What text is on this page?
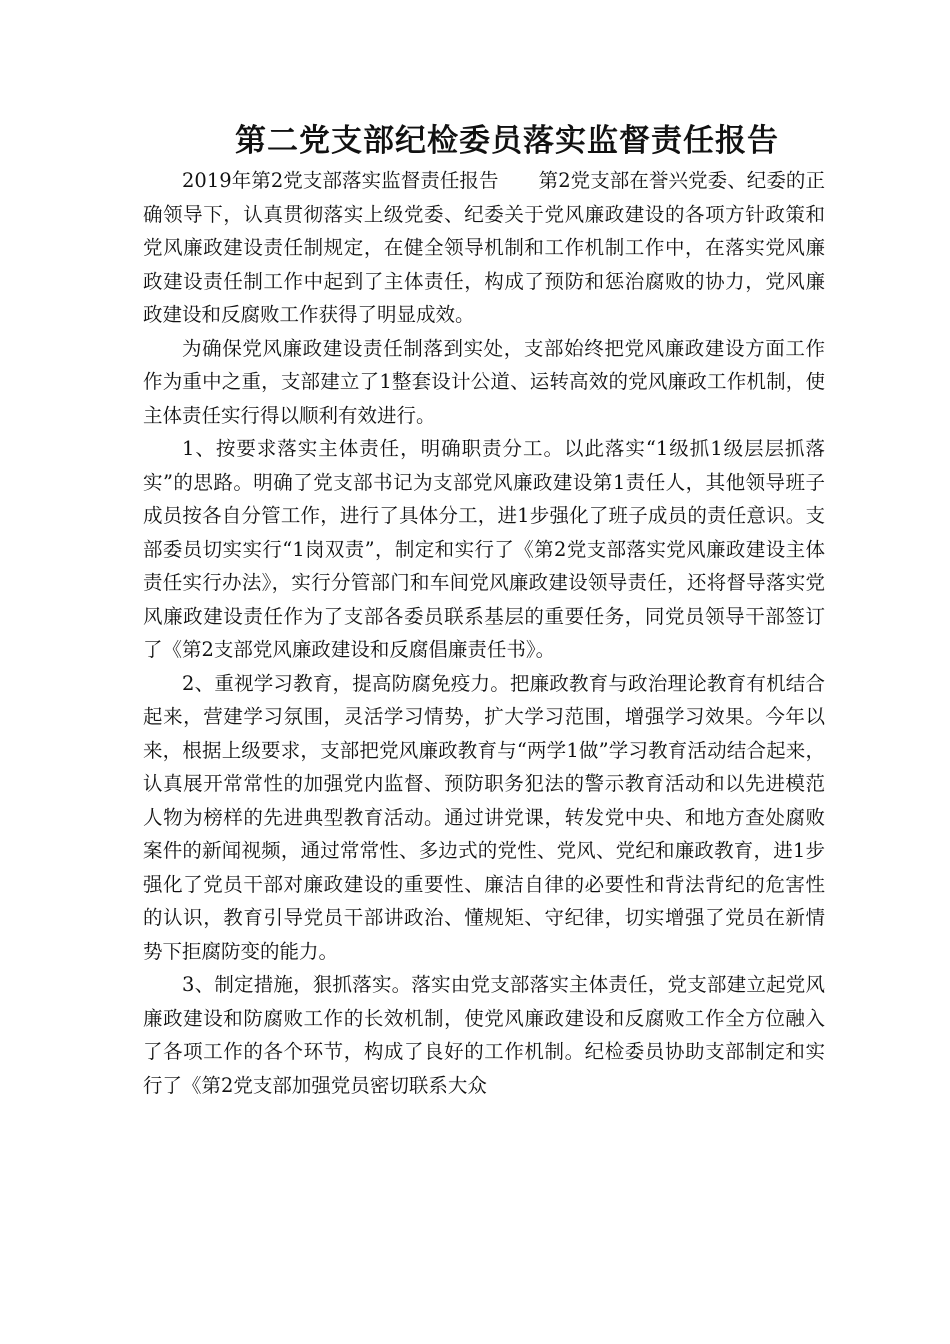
第二党支部纪检委员落实监督责任报告

2019年第2党支部落实监督责任报告 第2党支部在誉兴党委、纪委的正确领导下，认真贯彻落实上级党委、纪委关于党风廉政建设的各项方针政策和党风廉政建设责任制规定，在健全领导机制和工作机制工作中，在落实党风廉政建设责任制工作中起到了主体责任，构成了预防和惩治腐败的协力，党风廉政建设和反腐败工作获得了明显成效。

为确保党风廉政建设责任制落到实处，支部始终把党风廉政建设方面工作作为重中之重，支部建立了1整套设计公道、运转高效的党风廉政工作机制，使主体责任实行得以顺利有效进行。

1、按要求落实主体责任，明确职责分工。以此落实“1级抓1级层层抓落实”的思路。明确了党支部书记为支部党风廉政建设第1责任人，其他领导班子成员按各自分管工作，进行了具体分工，进1步强化了班子成员的责任意识。支部委员切实实行“1岗双责”，制定和实行了《第2党支部落实党风廉政建设主体责任实行办法》，实行分管部门和车间党风廉政建设领导责任，还将督导落实党风廉政建设责任作为了支部各委员联系基层的重要任务，同党员领导干部签订了《第2支部党风廉政建设和反腐倡廉责任书》。

2、重视学习教育，提高防腐免疫力。把廉政教育与政治理论教育有机结合起来，营建学习氛围，灵活学习情势，扩大学习范围，增强学习效果。今年以来，根据上级要求，支部把党风廉政教育与“两学1做”学习教育活动结合起来，认真展开常常性的加强党内监督、预防职务犯法的警示教育活动和以先进模范人物为榜样的先进典型教育活动。通过讲党课，转发党中央、和地方查处腐败案件的新闻视频，通过常常性、多边式的党性、党风、党纪和廉政教育，进1步强化了党员干部对廉政建设的重要性、廉洁自律的必要性和背法背纪的危害性的认识，教育引导党员干部讲政治、懂规矩、守纪律，切实增强了党员在新情势下拒腐防变的能力。

3、制定措施，狠抓落实。落实由党支部落实主体责任，党支部建立起党风廉政建设和防腐败工作的长效机制，使党风廉政建设和反腐败工作全方位融入了各项工作的各个环节，构成了良好的工作机制。纪检委员协助支部制定和实行了《第2党支部加强党员密切联系大众
